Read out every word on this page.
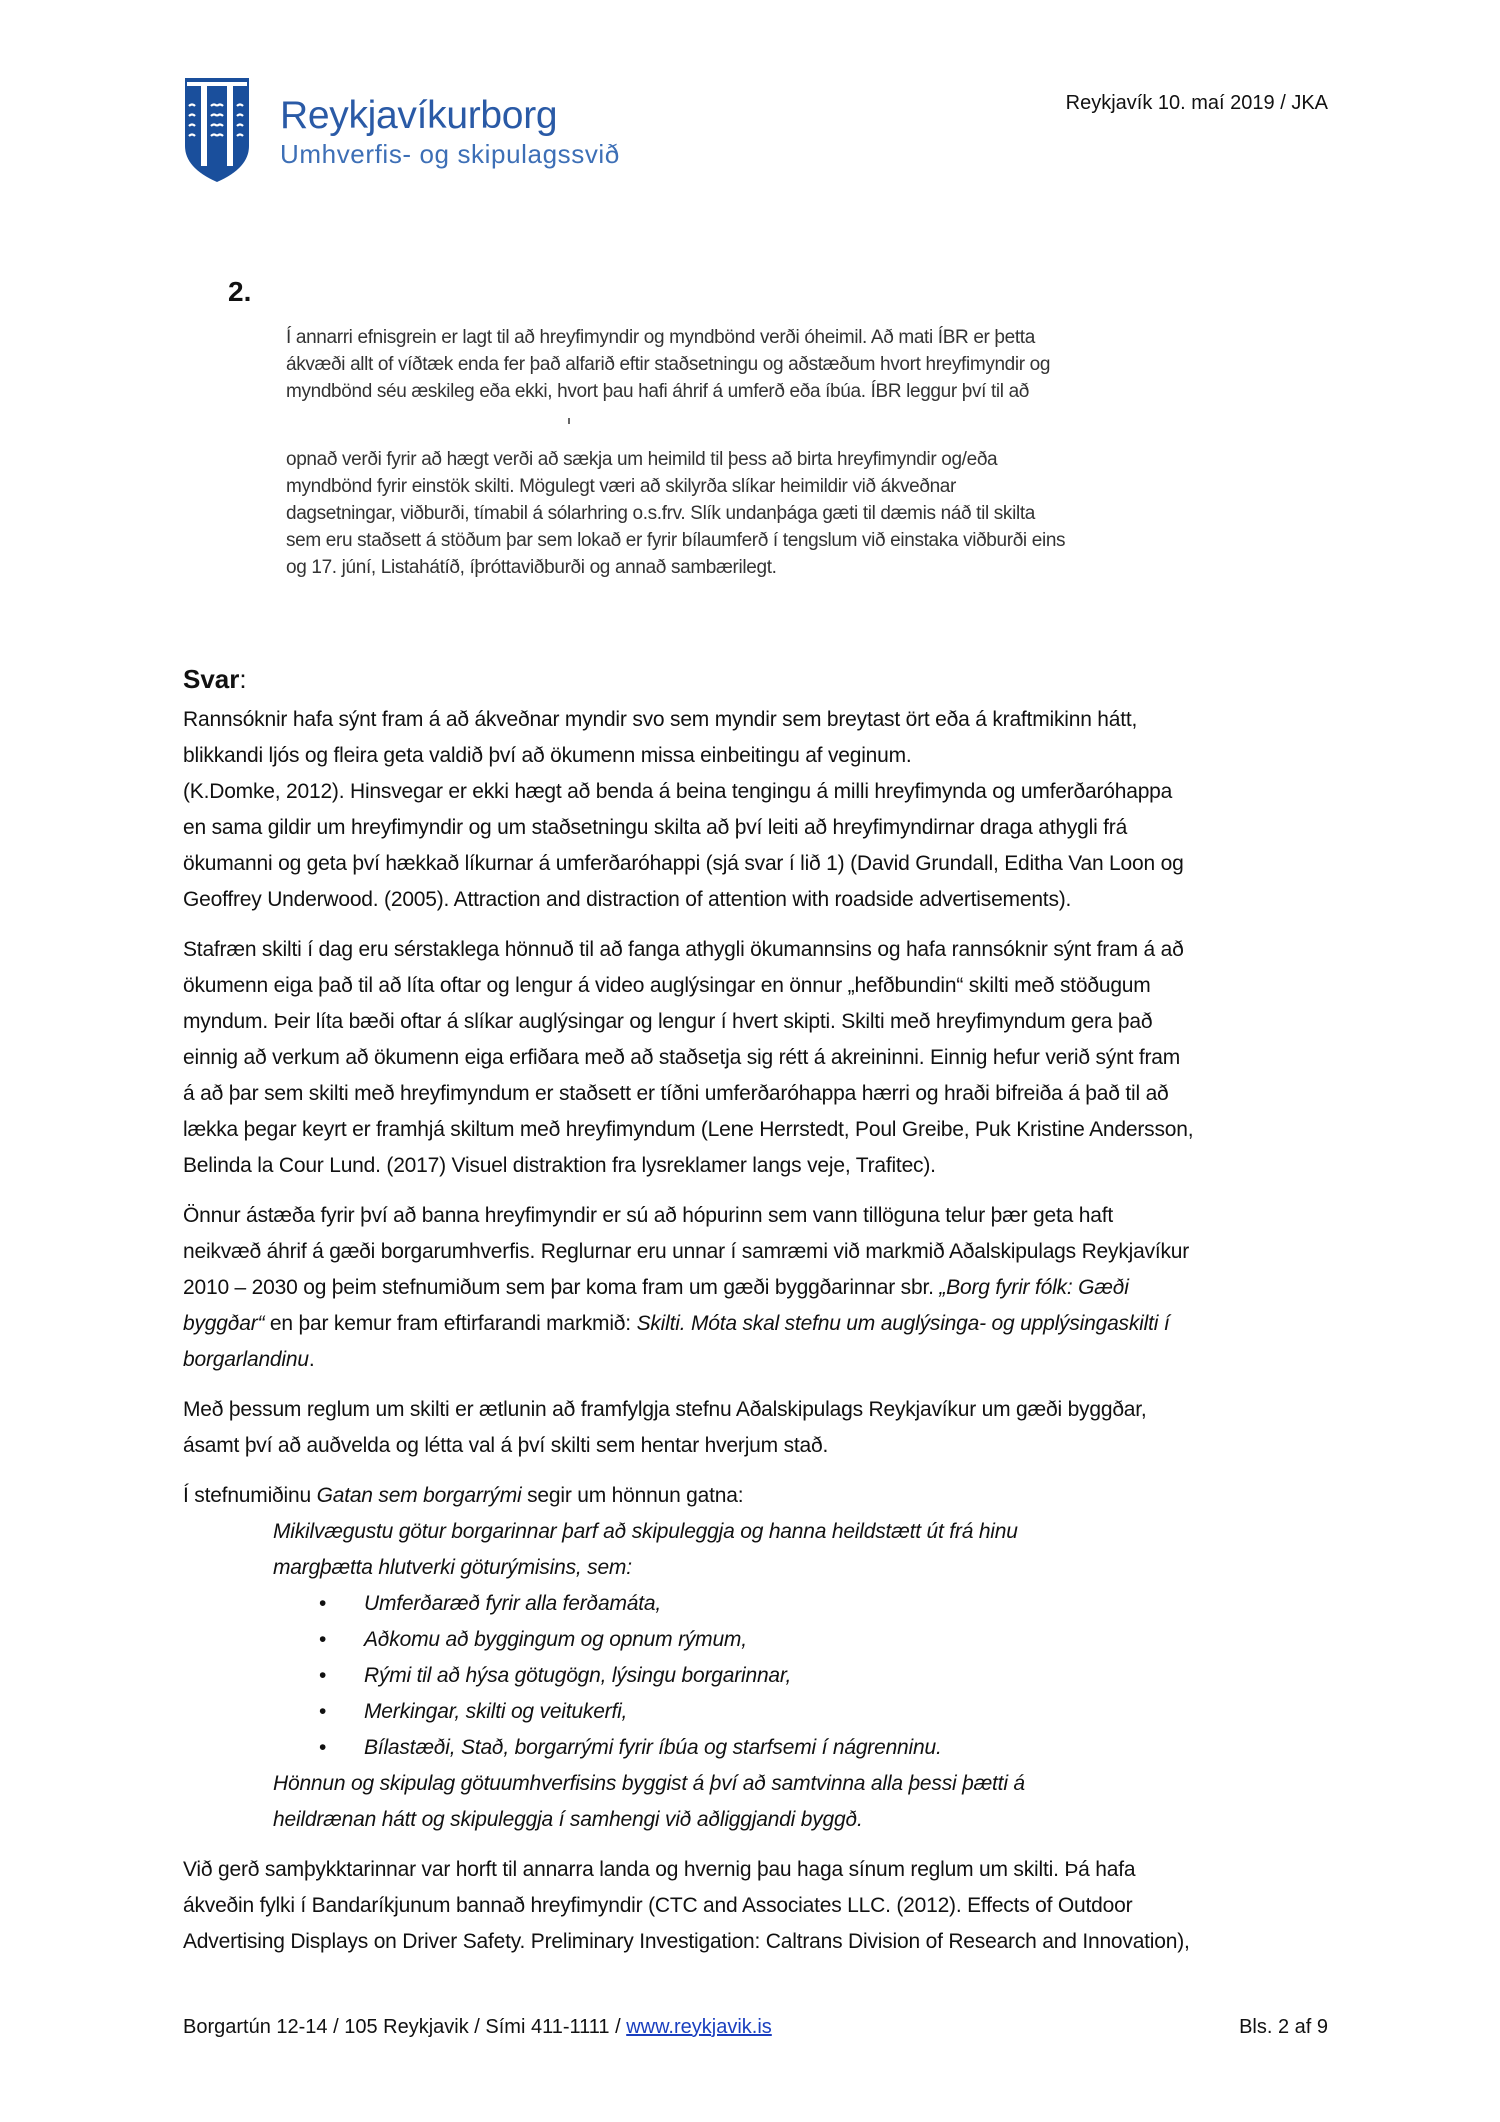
Reykjavíkurborg
Umhverfis- og skipulagssvið
Reykjavík 10. maí 2019 / JKA
2.
Í annarri efnisgrein er lagt til að hreyfimyndir og myndbönd verði óheimil. Að mati ÍBR er þetta
ákvæði allt of víðtæk enda fer það alfarið eftir staðsetningu og aðstæðum hvort hreyfimyndir og
myndbönd séu æskileg eða ekki, hvort þau hafi áhrif á umferð eða íbúa. ÍBR leggur því til að
opnað verði fyrir að hægt verði að sækja um heimild til þess að birta hreyfimyndir og/eða
myndbönd fyrir einstök skilti. Mögulegt væri að skilyrða slíkar heimildir við ákveðnar
dagsetningar, viðburði, tímabil á sólarhring o.s.frv. Slík undanþága gæti til dæmis náð til skilta
sem eru staðsett á stöðum þar sem lokað er fyrir bílaumferð í tengslum við einstaka viðburði eins
og 17. júní, Listahátíð, íþróttaviðburði og annað sambærilegt.
Svar:
Rannsóknir hafa sýnt fram á að ákveðnar myndir svo sem myndir sem breytast ört eða á kraftmikinn hátt,
blikkandi ljós og fleira geta valdið því að ökumenn missa einbeitingu af veginum.
(K.Domke, 2012). Hinsvegar er ekki hægt að benda á beina tengingu á milli hreyfimynda og umferðaróhappa
en sama gildir um hreyfimyndir og um staðsetningu skilta að því leiti að hreyfimyndirnar draga athygli frá
ökumanni og geta því hækkað líkurnar á umferðaróhappi (sjá svar í lið 1) (David Grundall, Editha Van Loon og
Geoffrey Underwood. (2005). Attraction and distraction of attention with roadside advertisements).
Stafræn skilti í dag eru sérstaklega hönnuð til að fanga athygli ökumannsins og hafa rannsóknir sýnt fram á að
ökumenn eiga það til að líta oftar og lengur á video auglýsingar en önnur „hefðbundin“ skilti með stöðugum
myndum. Þeir líta bæði oftar á slíkar auglýsingar og lengur í hvert skipti. Skilti með hreyfimyndum gera það
einnig að verkum að ökumenn eiga erfiðara með að staðsetja sig rétt á akreininni. Einnig hefur verið sýnt fram
á að þar sem skilti með hreyfimyndum er staðsett er tíðni umferðaróhappa hærri og hraði bifreiða á það til að
lækka þegar keyrt er framhjá skiltum með hreyfimyndum (Lene Herrstedt, Poul Greibe, Puk Kristine Andersson,
Belinda la Cour Lund. (2017) Visuel distraktion fra lysreklamer langs veje, Trafitec).
Önnur ástæða fyrir því að banna hreyfimyndir er sú að hópurinn sem vann tillöguna telur þær geta haft
neikvæð áhrif á gæði borgarumhverfis. Reglurnar eru unnar í samræmi við markmið Aðalskipulags Reykjavíkur
2010 – 2030 og þeim stefnumiðum sem þar koma fram um gæði byggðarinnar sbr. „Borg fyrir fólk: Gæði
byggðar“ en þar kemur fram eftirfarandi markmið: Skilti. Móta skal stefnu um auglýsinga- og upplýsingaskilti í
borgarlandinu.
Með þessum reglum um skilti er ætlunin að framfylgja stefnu Aðalskipulags Reykjavíkur um gæði byggðar,
ásamt því að auðvelda og létta val á því skilti sem hentar hverjum stað.
Í stefnumiðinu Gatan sem borgarrými segir um hönnun gatna:
Mikilvægustu götur borgarinnar þarf að skipuleggja og hanna heildstætt út frá hinu
margþætta hlutverki göturýmisins, sem:
• Umferðaræð fyrir alla ferðamáta,
• Aðkomu að byggingum og opnum rýmum,
• Rými til að hýsa götugögn, lýsingu borgarinnar,
• Merkingar, skilti og veitukerfi,
• Bílastæði, Stað, borgarrými fyrir íbúa og starfsemi í nágrenninu.
Hönnun og skipulag götuumhverfisins byggist á því að samtvinna alla þessi þætti á
heildrænan hátt og skipuleggja í samhengi við aðliggjandi byggð.
Við gerð samþykktarinnar var horft til annarra landa og hvernig þau haga sínum reglum um skilti. Þá hafa
ákveðin fylki í Bandaríkjunum bannað hreyfimyndir (CTC and Associates LLC. (2012). Effects of Outdoor
Advertising Displays on Driver Safety. Preliminary Investigation: Caltrans Division of Research and Innovation),
Borgartún 12-14 / 105 Reykjavik / Sími 411-1111 / www.reykjavik.is	Bls. 2 af 9
